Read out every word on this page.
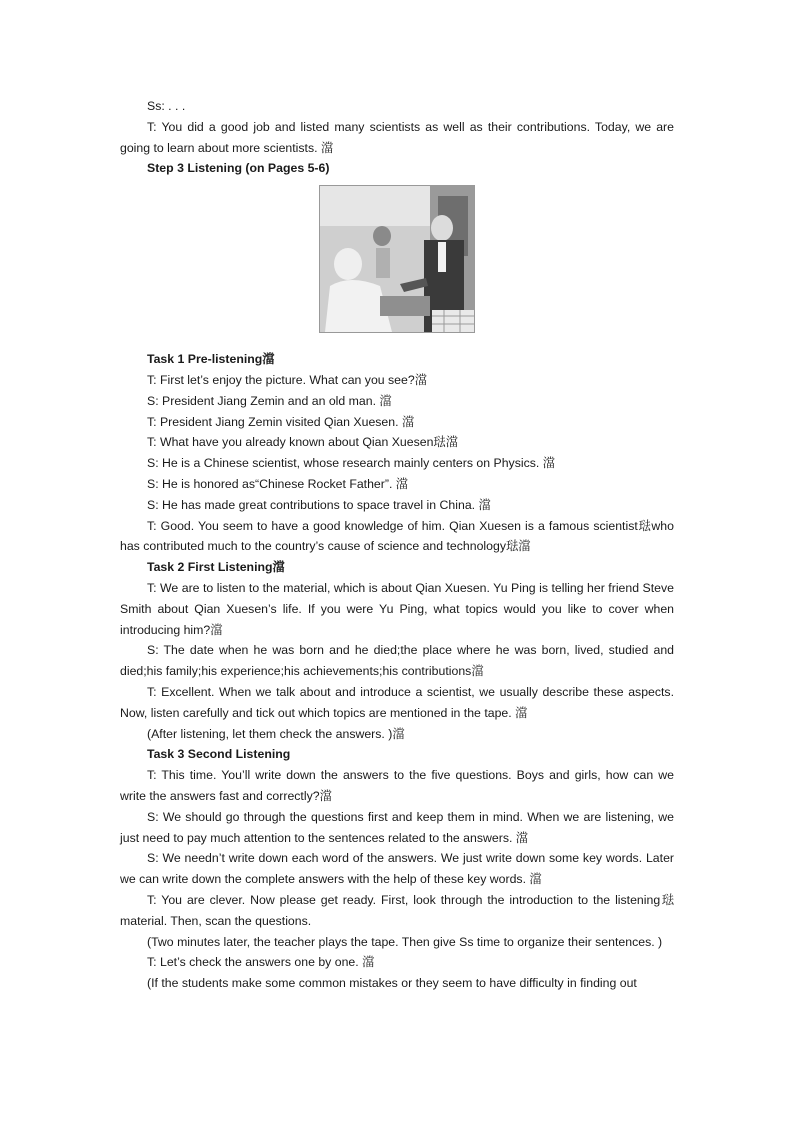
Ss: . . .

T: You did a good job and listed many scientists as well as their contributions. Today, we are going to learn about more scientists. 澢

Step 3 Listening (on Pages 5-6)

Task 1 Pre-listening澢

T: First let’s enjoy the picture. What can you see?澢

S: President Jiang Zemin and an old man. 澢

T: President Jiang Zemin visited Qian Xuesen. 澢

T: What have you already known about Qian Xuesen琺澢

S: He is a Chinese scientist, whose research mainly centers on Physics. 澢

S: He is honored as“Chinese Rocket Father”. 澢

S: He has made great contributions to space travel in China. 澢

T: Good. You seem to have a good knowledge of him. Qian Xuesen is a famous scientist琺who has contributed much to the country’s cause of science and technology琺澢

Task 2 First Listening澢

T: We are to listen to the material, which is about Qian Xuesen. Yu Ping is telling her friend Steve Smith about Qian Xuesen’s life. If you were Yu Ping, what topics would you like to cover when introducing him?澢

S: The date when he was born and he died;the place where he was born, lived, studied and died;his family;his experience;his achievements;his contributions澢

T: Excellent. When we talk about and introduce a scientist, we usually describe these aspects. Now, listen carefully and tick out which topics are mentioned in the tape. 澢

(After listening, let them check the answers. )澢

Task 3 Second Listening

T: This time. You’ll write down the answers to the five questions. Boys and girls, how can we write the answers fast and correctly?澢

S: We should go through the questions first and keep them in mind. When we are listening, we just need to pay much attention to the sentences related to the answers. 澢

S: We needn’t write down each word of the answers. We just write down some key words. Later we can write down the complete answers with the help of these key words. 澢

T: You are clever. Now please get ready. First, look through the introduction to the listening琺material. Then, scan the questions.

(Two minutes later, the teacher plays the tape. Then give Ss time to organize their sentences. )

T: Let’s check the answers one by one. 澢

(If the students make some common mistakes or they seem to have difficulty in finding out
